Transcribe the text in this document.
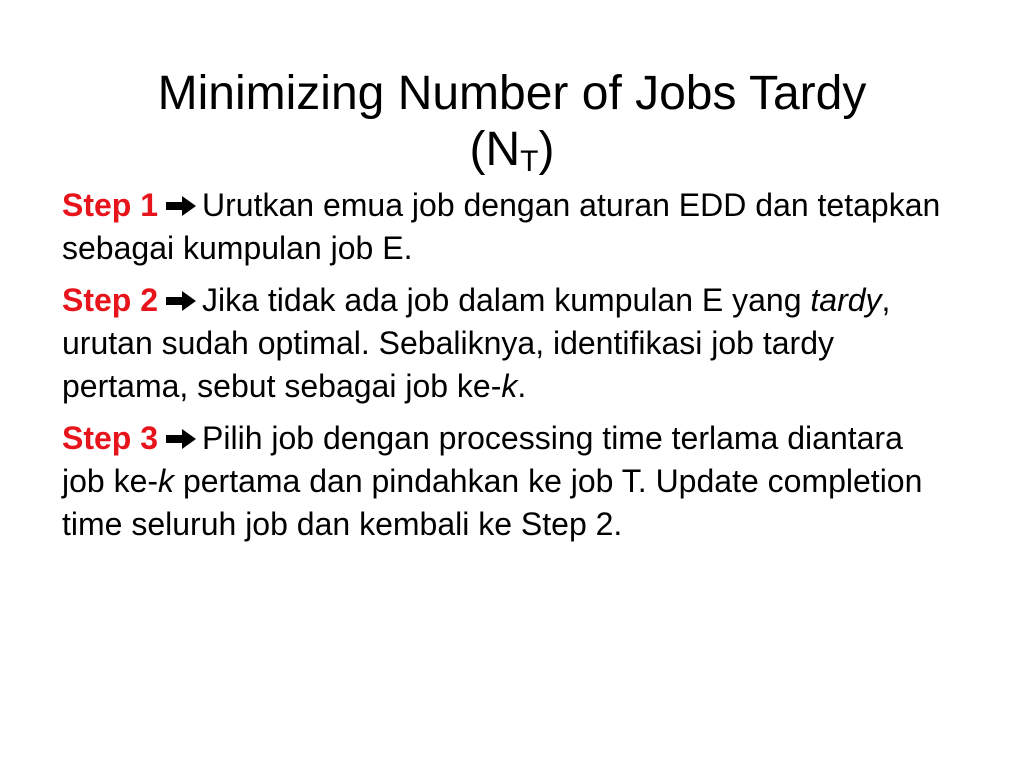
Minimizing Number of Jobs Tardy
$(N_T)$

Step 1 Urutkan emua job dengan aturan EDD dan tetapkan sebagai kumpulan job E.

Step 2 Jika tidak ada job dalam kumpulan E yang tardy, urutan sudah optimal. Sebaliknya, identifikasi job tardy pertama, sebut sebagai job ke-k.

Step 3 Pilih job dengan processing time terlama diantara job ke-k pertama dan pindahkan ke job T. Update completion time seluruh job dan kembali ke Step 2.
